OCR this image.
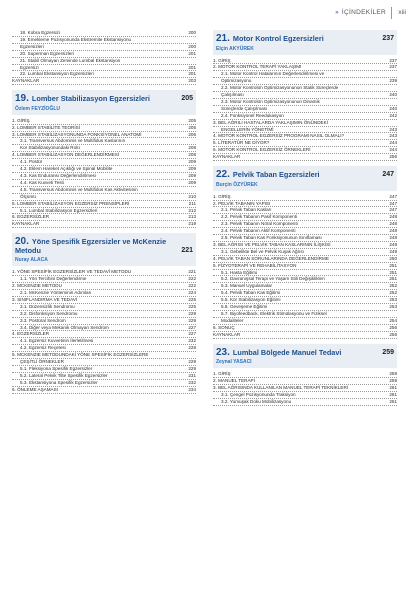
» İÇİNDEKİLER xiii
18. Kobra Egzersizi	200
19. Emekleme Pozisyonunda Ekstremite Ekstansiyonu
Egzersizleri	200
20. Superman Egzersizleri	201
21. Stabil Olmayan Zeminde Lumbal Ekstansiyon
Egzersizi	201
22. Lumbal Ekstansiyon Egzersizleri	201
KAYNAKLAR	203
19. Lomber Stabilizasyon Egzersizleri	205
Özlem FEYZİOĞLU
1. GİRİŞ	205
2. LOMBER STABİLİTE TEORİSİ	205
3. LOMBER STABİLİZASYONUNDA FONKSİYONEL ANATOMİ	206
3.1. Transversus Abdominis ve Multifidus Kaslarının
Kor Stabilizasyonundaki Rolü	208
4. LOMBER STABİLİZASYON DEĞERLENDİRMESİ	208
4.1. Postür	209
4.2. Eklem Hareket Açıklığı ve Spinal Mobilite	209
4.3. Kas Enduransı Değerlendirilmesi	209
4.4. Kas Kuvveti Testi	209
4.5. Transversus Abdominis ve Multifidus Kas Aktivitesinin
Ölçümü	210
5. LOMBER STABİLİZASYON EGZERSİZ PRENSİPLERİ	211
5.1. Lumbal Stabilizasyon Egzersizleri	212
6. EGZERSİZLER	213
KAYNAKLAR	219
20. Yöne Spesifik Egzersizler ve McKenzie
Metodu	221
Nuray ALACA
1. YÖNE SPESİFİK EGZERSİZLER VE TEDAVİ METODU	221
1.1. Yön Tercihini Değerlendirme	222
2. MCKENZIE METODU	222
2.1. McKenzie Yönteminin Adımları	224
3. SINIFLANDIRMA VE TEDAVİ	225
3.1. Düzensizlik Sendromu	225
3.2. Disfonksiyon Sendromu	229
3.3. Postüral Sendrom	229
3.4. Diğer veya Mekanik Olmayan Sendrom	227
4. EGZERSİZLER	227
4.1. Egzersiz Kuvvetinin İlerletilmesi	232
4.2. Egzersiz Reçetesi	228
5. MCKENZIE METODUNDAKİ YÖNE SPESİFİK EGZERSİZLERE
ÇEŞİTLİ ÖRNEKLER	229
5.1. Fleksiyona Spesifik Egzersizler	229
5.2. Lateral Pelvik Tilte Spesifik Egzersizler	231
5.3. Ekstansiyona Spesifik Egzersizler	232
6. ÖNLEME AŞAMASI	234
21. Motor Kontrol Egzersizleri	237
Elçin AKYÜREK
1. GİRİŞ	237
2. MOTOR KONTROL TERAPİ YAKLAŞIMI	237
2.1. Motor Kontrol Hatalarının Değerlendirilmesi ve
Optimizasyonu	239
2.2. Motor Kontrolün Optimizasyonunun Statik Süreçlerde
Çalışılması	240
2.3. Motor Kontrolün Optimizasyonunun Dinamik
Süreçlerde Çalışılması	240
2.4. Fonksiyonel Reedukasyon	242
3. BEL AĞRILI HASTALARDA YAKLAŞIMIN ÖNÜNDEKİ
ENGELLERİN YÖNETİMİ	243
4. MOTOR KONTROL EGZERSİZ PROGRAMI NASIL OLMALI?	243
5. LİTERATÜR NE DİYOR?	244
6. MOTOR KONTROL EGZERSİZ ÖRNEKLERİ	244
KAYNAKLAR	256
22. Pelvik Taban Egzersizleri	247
Burçin ÖZYÜREK
1. GİRİŞ	247
2. PELVİK TABANIN YAPISI	247
2.1. Pelvik Taban Kasları	247
2.2. Pelvik Tabanın Pasif Komponenti	248
2.3. Pelvik Tabanın Nöral Komponenti	248
2.4. Pelvik Tabanın Aktif Komponenti	248
2.5. Pelvik Taban Kas Fonksiyonunun Sınıflaması	248
3. BEL AĞRISI VE PELVİK TABAN KASLARININ İLİŞKİSİ	249
3.1. Gebelikte Bel ve Pelvik Kuşak Ağrısı	249
4. PELVİK TABAN SORUNLARINDA DEĞERLENDİRME	250
5. FİZYOTERAPİ VE REHABİLİTASYON	251
5.1. Hasta Eğitimi	251
5.2. Davranışsal Terapi ve Yaşam Stili Değişiklikleri	251
5.3. Manuel Uygulamalar	252
5.4. Pelvik Taban Kas Eğitimi	252
5.5. Kor Stabilizasyon Eğitimi	253
5.6. Geveşeme Eğitimi	253
5.7. Biyofeedback, Elektrik Stimülasyonu ve Fiziksel
Modaliteler	254
6. SONUÇ	256
KAYNAKLAR	256
23. Lumbal Bölgede Manuel Tedavi	259
Zeynal YASACI
1. GİRİŞ	259
2. MANUEL TERAPİ	259
3. BEL AĞRISINDA KULLANILAN MANUEL TERAPİ TEKNİKLERİ	261
3.1. Çengel Pozisyonunda Traksiyon	261
3.2. Yumuşak Doku Mobilizasyonu	261
